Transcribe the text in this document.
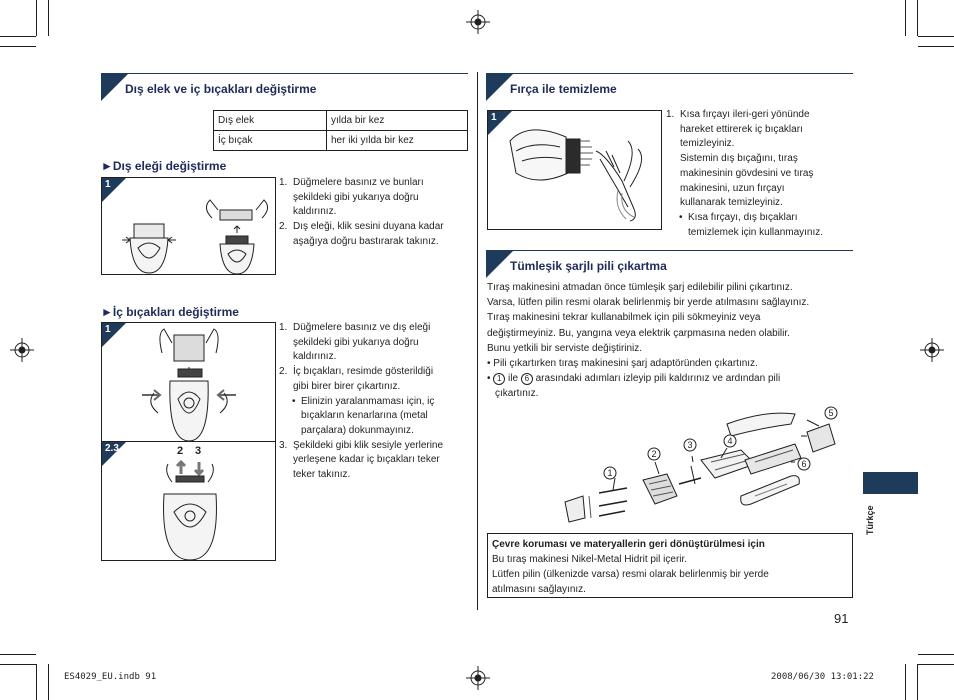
Dış elek ve iç bıçakları değiştirme
Dış elek	yılda bir kez
İç bıçak	her iki yılda bir kez
►Dış eleği değiştirme
1	1. Düğmelere basınız ve bunları
şekildeki gibi yukarıya doğru
kaldırınız.
2. Dış eleği, klik sesini duyana kadar
aşağıya doğru bastırarak takınız.
►İç bıçakları değiştirme
1
2.3	2 3
1. Düğmelere basınız ve dış eleği
şekildeki gibi yukarıya doğru
kaldırınız.
2. İç bıçakları, resimde gösterildiği
gibi birer birer çıkartınız.
• Elinizin yaralanmaması için, iç
bıçakların kenarlarına (metal
parçalara) dokunmayınız.
3. Şekildeki gibi klik sesiyle yerlerine
yerleşene kadar iç bıçakları teker
teker takınız.
Fırça ile temizleme
1	1. Kısa fırçayı ileri-geri yönünde
hareket ettirerek iç bıçakları
temizleyiniz.
Sistemin dış bıçağını, tıraş
makinesinin gövdesini ve tıraş
makinesini, uzun fırçayı
kullanarak temizleyiniz.
• Kısa fırçayı, dış bıçakları
temizlemek için kullanmayınız.
Tümleşik şarjlı pili çıkartma
Tıraş makinesini atmadan önce tümleşik şarj edilebilir pilini çıkartınız.
Varsa, lütfen pilin resmi olarak belirlenmiş bir yerde atılmasını sağlayınız.
Tıraş makinesini tekrar kullanabilmek için pili sökmeyiniz veya
değiştirmeyiniz. Bu, yangına veya elektrik çarpmasına neden olabilir.
Bunu yetkili bir serviste değiştiriniz.
• Pili çıkartırken tıraş makinesini şarj adaptöründen çıkartınız.
• 1 ile 6 arasındaki adımları izleyip pili kaldırınız ve ardından pili
çıkartınız.
1
2
3	4
5
6
Çevre koruması ve materyallerin geri dönüştürülmesi için
Bu tıraş makinesi Nikel-Metal Hidrit pil içerir.
Lütfen pilin (ülkenizde varsa) resmi olarak belirlenmiş bir yerde
atılmasını sağlayınız.
91
Türkçe
ES4029_EU.indb 91	2008/06/30 13:01:22
